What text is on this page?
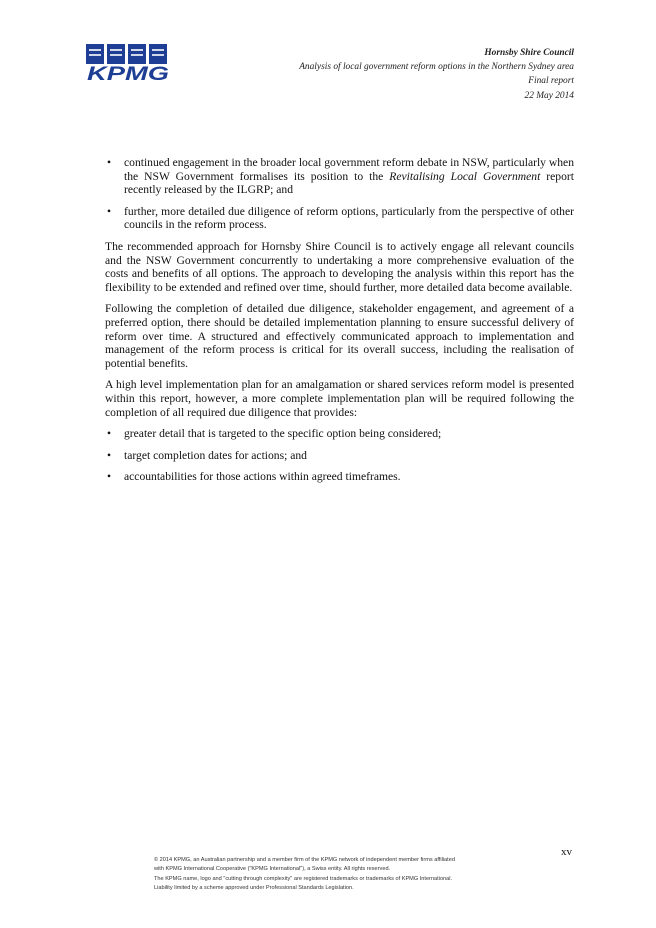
KPMG
Hornsby Shire Council
Analysis of local government reform options in the Northern Sydney area
Final report
22 May 2014
• continued engagement in the broader local government reform debate in NSW, particularly when the NSW Government formalises its position to the Revitalising Local Government report recently released by the ILGRP; and
• further, more detailed due diligence of reform options, particularly from the perspective of other councils in the reform process.

The recommended approach for Hornsby Shire Council is to actively engage all relevant councils and the NSW Government concurrently to undertaking a more comprehensive evaluation of the costs and benefits of all options. The approach to developing the analysis within this report has the flexibility to be extended and refined over time, should further, more detailed data become available.

Following the completion of detailed due diligence, stakeholder engagement, and agreement of a preferred option, there should be detailed implementation planning to ensure successful delivery of reform over time. A structured and effectively communicated approach to implementation and management of the reform process is critical for its overall success, including the realisation of potential benefits.

A high level implementation plan for an amalgamation or shared services reform model is presented within this report, however, a more complete implementation plan will be required following the completion of all required due diligence that provides:

• greater detail that is targeted to the specific option being considered;
• target completion dates for actions; and
• accountabilities for those actions within agreed timeframes.
xv
© 2014 KPMG, an Australian partnership and a member firm of the KPMG network of independent member firms affiliated
with KPMG International Cooperative ("KPMG International"), a Swiss entity. All rights reserved.
The KPMG name, logo and "cutting through complexity" are registered trademarks or trademarks of KPMG International.
Liability limited by a scheme approved under Professional Standards Legislation.
